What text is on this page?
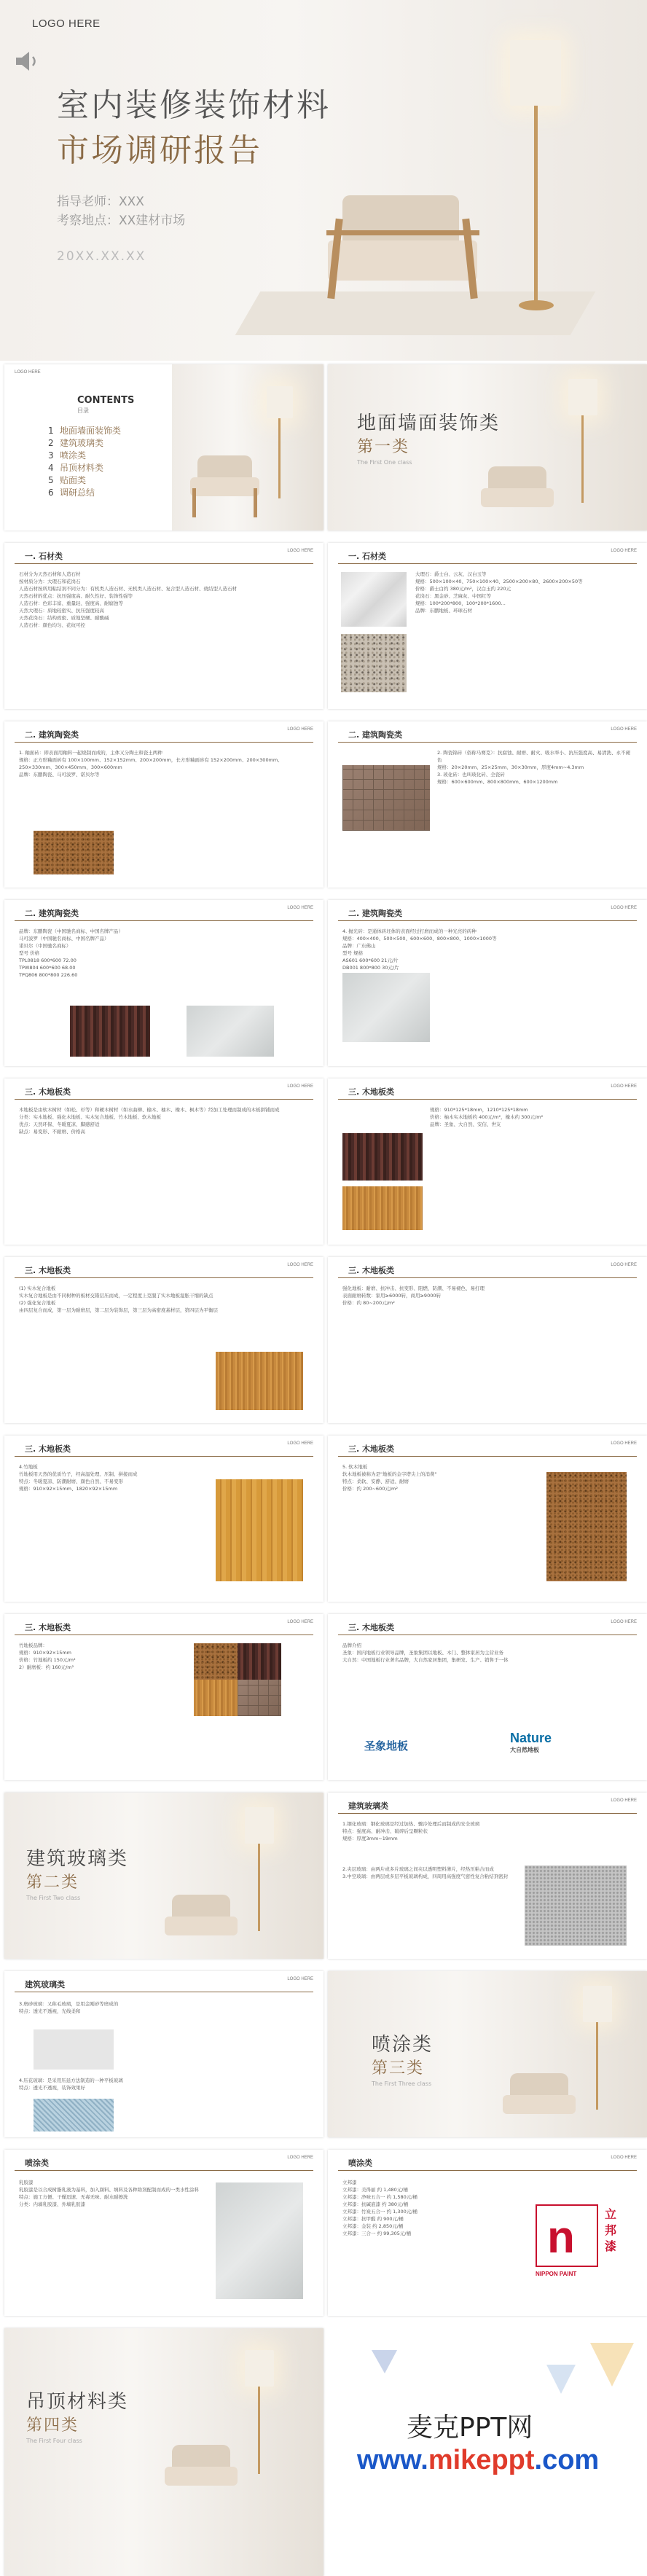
LOGO HERE
室内装修装饰材料
市场调研报告
指导老师：XXX
考察地点：XX建材市场
20XX.XX.XX
LOGO HERE
CONTENTS
目录
1 地面墙面装饰类
2 建筑玻璃类
3 喷涂类
4 吊顶材料类
5 贴面类
6 调研总结
地面墙面装饰类
第一类
The First One class
一. 石材类
LOGO HERE
石材分为天然石材和人造石材
按材质分为：大理石和花岗石
人造石材按所用粘结剂不同分为：有机类人造石材、无机类人造石材、复合型人造石材、烧结型人造石材
天然石材的优点：抗压强度高、耐久性好、装饰性强等
人造石材：色彩丰富、重量轻、强度高、耐腐蚀等
天然大理石：质地较密实、抗压强度较高
天然花岗石：结构致密、质地坚硬、耐酸碱
人造石材：颜色均匀、花纹可控
一. 石材类
LOGO HERE
大理石：爵士白、云灰、汉白玉等
规格：500×100×40、750×100×40、2500×200×80、2600×200×50等
价格：爵士白约 380元/m²，汉白玉约 220元
花岗石：黑金砂、芝麻灰、中国红等
规格：100*200*800，100*200*1600...
品牌：东鹏地板、环球石材
二. 建筑陶瓷类
LOGO HERE
1. 釉面砖：即表面用釉料一起烧制而成的，主体又分陶土和瓷土两种
规格：正方形釉面砖有 100×100mm、152×152mm、200×200mm，长方形釉面砖有 152×200mm、200×300mm、250×330mm、300×450mm、300×600mm
品牌：东鹏陶瓷、马可波罗、诺贝尔等
二. 建筑陶瓷类
LOGO HERE
2. 陶瓷锦砖（俗称马赛克）：抗腐蚀、耐磨、耐火、吸水率小、抗压强度高、易清洗、永不褪色
规格：20×20mm、25×25mm、30×30mm，厚度4mm~4.3mm
3. 玻化砖：也叫玻化砖、全瓷砖
规格：600×600mm、800×800mm、600×1200mm
二. 建筑陶瓷类
LOGO HERE
品牌：东鹏陶瓷（中国驰名商标、中国名牌产品）
马可波罗（中国驰名商标、中国名牌产品）
诺贝尔（中国驰名商标）
型号 价格
TPL0818 600*600 72.00
TPW804 600*600 68.00
TPQ806 800*800 226.60
二. 建筑陶瓷类
LOGO HERE
4. 抛光砖：是通体砖坯体的表面经过打磨而成的一种光亮的砖种
规格：400×400、500×500、600×600、800×800、1000×1000等
品牌：广东佛山
型号 规格
AS601 600*600 21元/片
DB001 800*800 30元/片
三. 木地板类
LOGO HERE
木地板是由软木树材（如松、杉等）和硬木树材（如水曲柳、榆木、柚木、橡木、枫木等）经加工处理而制成的木板拼铺而成
分类：实木地板、强化木地板、实木复合地板、竹木地板、软木地板
优点：天然环保、冬暖夏凉、脚感舒适
缺点：易变形、不耐磨、价格高
三. 木地板类
LOGO HERE
规格：910*125*18mm，1210*125*18mm
价格：柚木实木地板约 400元/m²，橡木约 300元/m²
品牌：圣象、大自然、安信、世友
三. 木地板类
LOGO HERE
(1) 实木复合地板
实木复合地板是由不同树种的板材交错层压而成，一定程度上克服了实木地板湿胀干缩的缺点
(2) 强化复合地板
由四层复合而成，第一层为耐磨层，第二层为装饰层，第三层为高密度基材层，第四层为平衡层
三. 木地板类
LOGO HERE
强化地板：耐磨、抗冲击、抗变形、阻燃、防潮、不易褪色、易打理
表面耐磨转数：家用≥6000转，商用≥9000转
价格：约 80~200元/m²
三. 木地板类
LOGO HERE
4.竹地板
竹地板用天然的优质竹子，经高温处理、压制、拼接而成
特点：冬暖夏凉、防潮耐磨、颜色自然、不易变形
规格：910×92×15mm、1820×92×15mm
三. 木地板类
LOGO HERE
5. 软木地板
软木地板被称为是"地板的金字塔尖上的消费"
特点：柔软、安静、舒适、耐磨
价格：约 200~600元/m²
三. 木地板类
LOGO HERE
竹地板品牌：
规格：910×92×15mm
价格：竹地板约 150元/m²
2）耐磨板：约 160元/m²
三. 木地板类
LOGO HERE
品牌介绍
圣象：国内地板行业领导品牌，圣象集团以地板、木门、整体家居为主营业务
大自然：中国地板行业著名品牌，大自然家居集团，集研发、生产、销售于一体
圣象地板
Nature
大自然地板
建筑玻璃类
第二类
The First Two class
建筑玻璃类
LOGO HERE
1.钢化玻璃：钢化玻璃是经过加热、骤冷处理后而制成的安全玻璃
特点：强度高、耐冲击、破碎后呈颗粒状
规格：厚度3mm~19mm
2.夹层玻璃：由两片或多片玻璃之间夹以透明塑料薄片，经热压粘合而成
3.中空玻璃：由两层或多层平板玻璃构成，四周用高强度气密性复合粘结剂密封
建筑玻璃类
LOGO HERE
3.磨砂玻璃：又称毛玻璃，是用金刚砂等磨成的
特点：透光不透视，光线柔和
4.压花玻璃：是采用压延方法制造的一种平板玻璃
特点：透光不透视，装饰效果好
喷涂类
第三类
The First Three class
喷涂类
LOGO HERE
乳胶漆
乳胶漆是以合成树脂乳液为基料，加入颜料、填料及各种助剂配制而成的一类水性涂料
特点：施工方便、干燥迅速、无毒无味、耐水耐擦洗
分类：内墙乳胶漆、外墙乳胶漆
喷涂类
LOGO HERE
立邦漆
立邦漆：美得丽 约 1,480元/桶
立邦漆：净味五合一 约 1,580元/桶
立邦漆：抗碱底漆 约 380元/桶
立邦漆：竹炭五合一 约 1,300元/桶
立邦漆：抗甲醛 约 900元/桶
立邦漆：金装 约 2,850元/桶
立邦漆：三合一 约 99,305元/桶	n
NIPPON PAINT
立邦漆
吊顶材料类
第四类
The First Four class	麦克PPT网
www.mikeppt.com
